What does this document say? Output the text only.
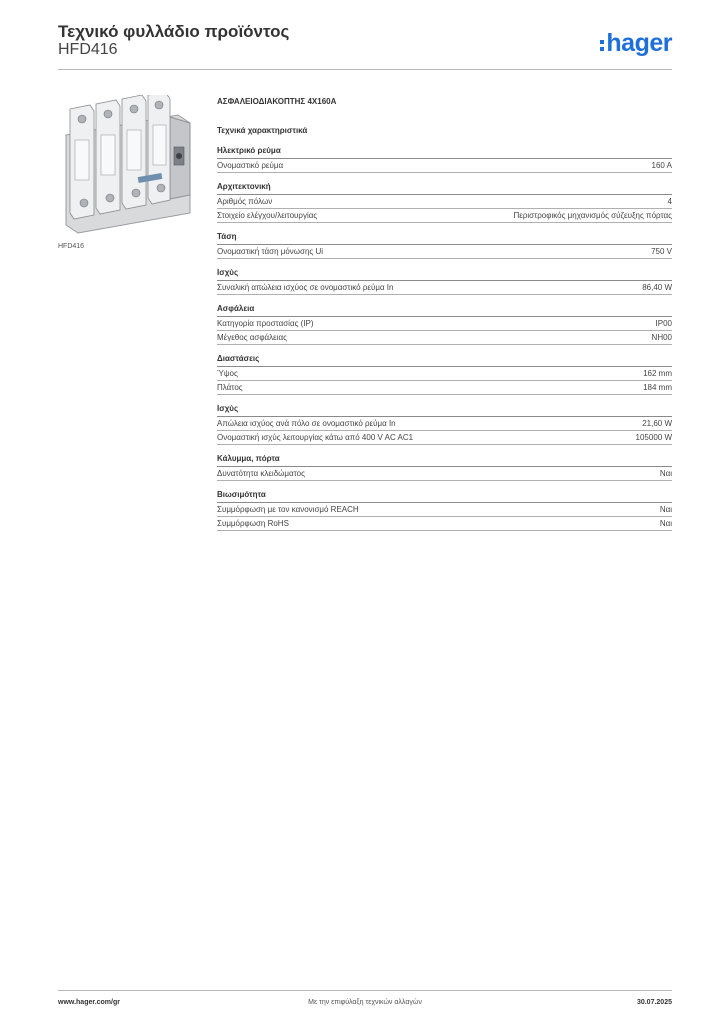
Τεχνικό φυλλάδιο προϊόντος
HFD416	hager
HFD416
ΑΣΦΑΛΕΙΟΔΙΑΚΟΠΤΗΣ 4Χ160Α
Τεχνικά χαρακτηριστικά
Ηλεκτρικό ρεύμα
Ονομαστικό ρεύμα	160 A
Αρχιτεκτονική
Αριθμός πόλων	4
Στοιχείο ελέγχου/λειτουργίας	Περιστροφικός μηχανισμός σύζευξης πόρτας
Τάση
Ονομαστική τάση μόνωσης Ui	750 V
Ισχύς
Συναλική απώλεια ισχύος σε ονομαστικό ρεύμα In	86,40 W
Ασφάλεια
Κατηγορία προστασίας (IP)	IP00
Μέγεθος ασφάλειας	NH00
Διαστάσεις
Ύψος	162 mm
Πλάτος	184 mm
Ισχύς
Απώλεια ισχύος ανά πόλο σε ονομαστικό ρεύμα In	21,60 W
Ονομαστική ισχύς λειτουργίας κάτω από 400 V AC AC1	105000 W
Κάλυμμα, πόρτα
Δυνατότητα κλειδώματος	Ναι
Βιωσιμότητα
Συμμόρφωση με τον κανονισμό REACH	Ναι
Συμμόρφωση RoHS	Ναι
www.hager.com/gr	Με την επιφύλαξη τεχνικών αλλαγών	30.07.2025
